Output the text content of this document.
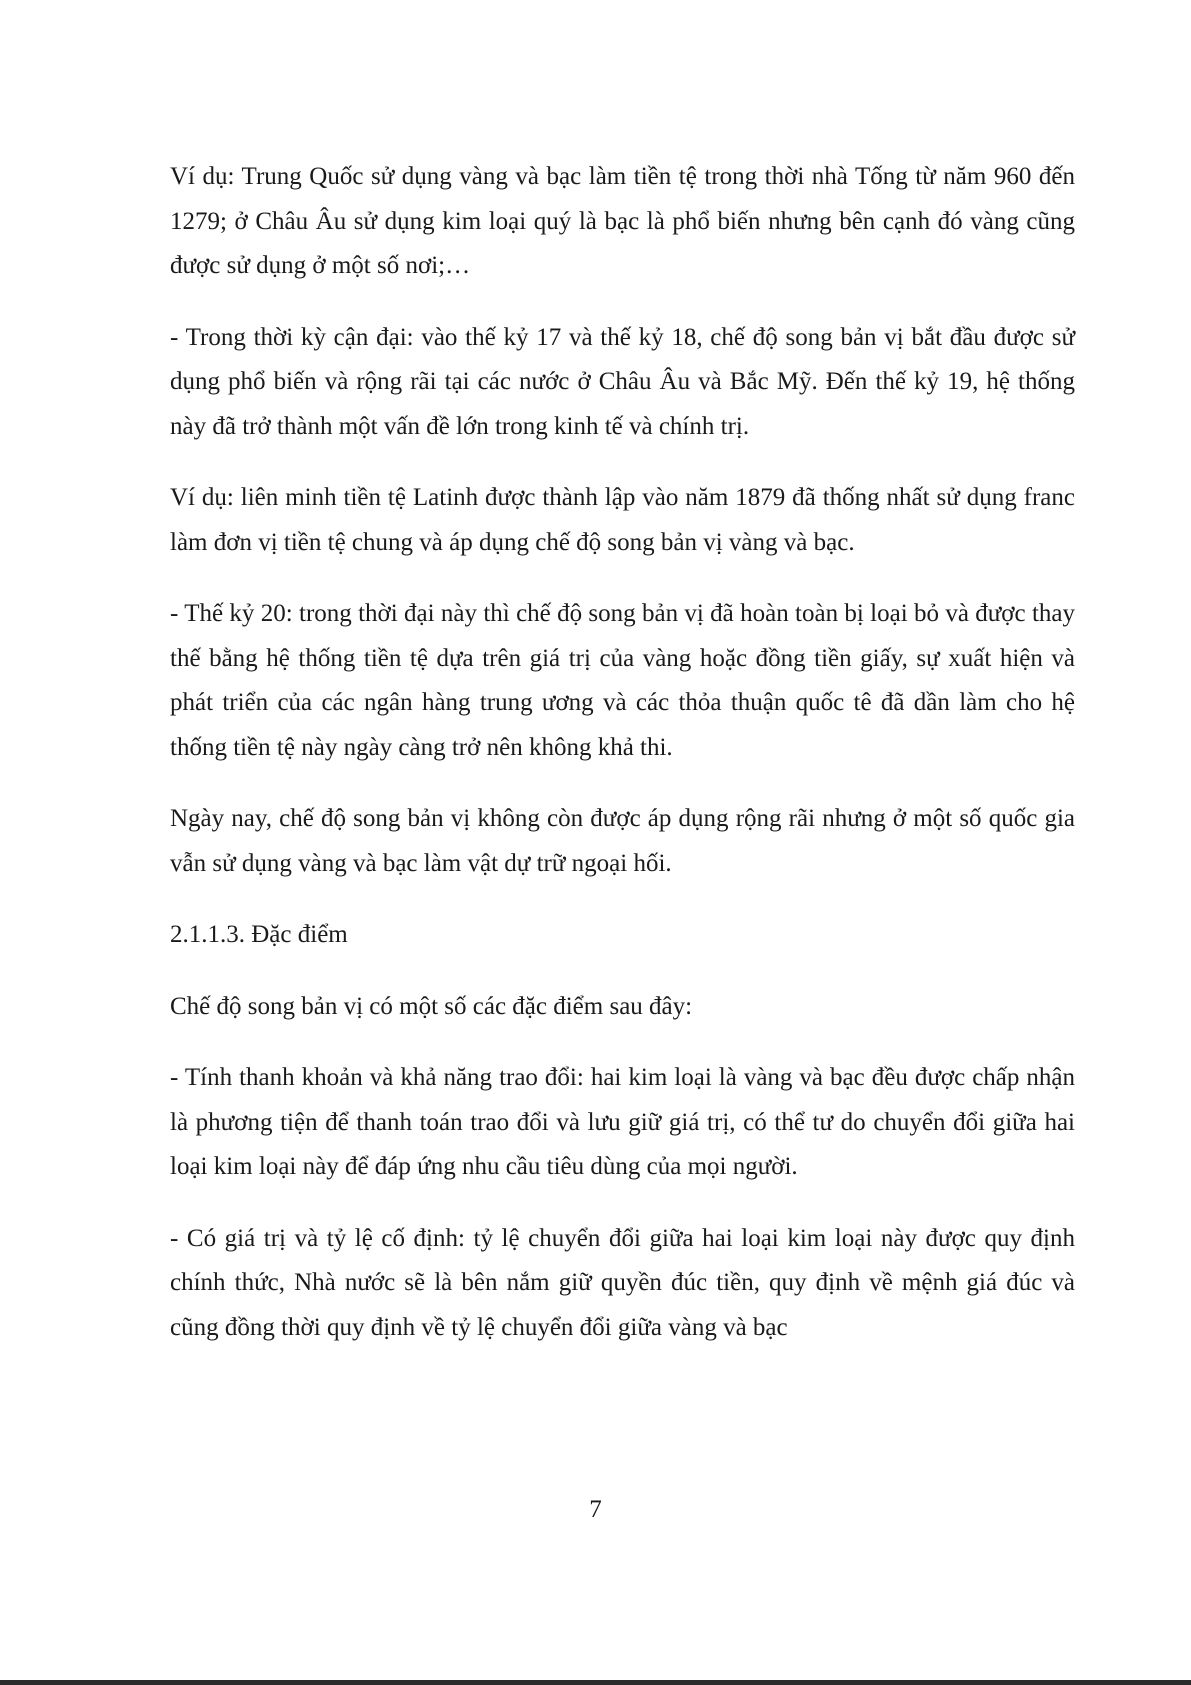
Ví dụ: Trung Quốc sử dụng vàng và bạc làm tiền tệ trong thời nhà Tống từ năm 960 đến 1279; ở Châu Âu sử dụng kim loại quý là bạc là phổ biến nhưng bên cạnh đó vàng cũng được sử dụng ở một số nơi;…

- Trong thời kỳ cận đại: vào thế kỷ 17 và thế kỷ 18, chế độ song bản vị bắt đầu được sử dụng phổ biến và rộng rãi tại các nước ở Châu Âu và Bắc Mỹ. Đến thế kỷ 19, hệ thống này đã trở thành một vấn đề lớn trong kinh tế và chính trị.

Ví dụ: liên minh tiền tệ Latinh được thành lập vào năm 1879 đã thống nhất sử dụng franc làm đơn vị tiền tệ chung và áp dụng chế độ song bản vị vàng và bạc.

- Thế kỷ 20: trong thời đại này thì chế độ song bản vị đã hoàn toàn bị loại bỏ và được thay thế bằng hệ thống tiền tệ dựa trên giá trị của vàng hoặc đồng tiền giấy, sự xuất hiện và phát triển của các ngân hàng trung ương và các thỏa thuận quốc tê đã dần làm cho hệ thống tiền tệ này ngày càng trở nên không khả thi.

Ngày nay, chế độ song bản vị không còn được áp dụng rộng rãi nhưng ở một số quốc gia vẫn sử dụng vàng và bạc làm vật dự trữ ngoại hối.

2.1.1.3. Đặc điểm

Chế độ song bản vị có một số các đặc điểm sau đây:

- Tính thanh khoản và khả năng trao đổi: hai kim loại là vàng và bạc đều được chấp nhận là phương tiện để thanh toán trao đổi và lưu giữ giá trị, có thể tư do chuyển đổi giữa hai loại kim loại này để đáp ứng nhu cầu tiêu dùng của mọi người.

- Có giá trị và tỷ lệ cố định: tỷ lệ chuyển đổi giữa hai loại kim loại này được quy định chính thức, Nhà nước sẽ là bên nắm giữ quyền đúc tiền, quy định về mệnh giá đúc và cũng đồng thời quy định về tỷ lệ chuyển đổi giữa vàng và bạc

7
